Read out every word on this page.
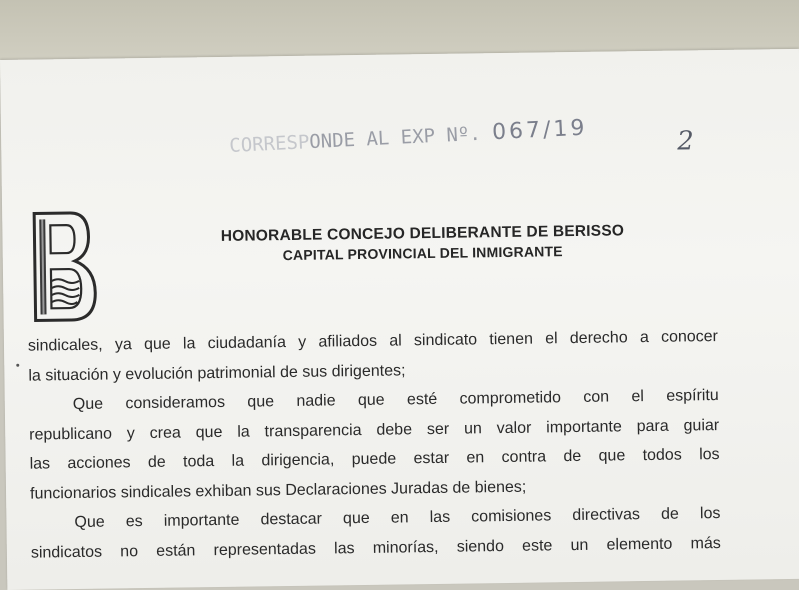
CORRESPONDE AL EXP Nº. 067/19	2
HONORABLE CONCEJO DELIBERANTE DE BERISSO
CAPITAL PROVINCIAL DEL INMIGRANTE

sindicales, ya que la ciudadanía y afiliados al sindicato tienen el derecho a conocer

la situación y evolución patrimonial de sus dirigentes;

Que consideramos que nadie que esté comprometido con el espíritu

republicano y crea que la transparencia debe ser un valor importante para guiar

las acciones de toda la dirigencia, puede estar en contra de que todos los

funcionarios sindicales exhiban sus Declaraciones Juradas de bienes;

Que es importante destacar que en las comisiones directivas de los

sindicatos no están representadas las minorías, siendo este un elemento más
